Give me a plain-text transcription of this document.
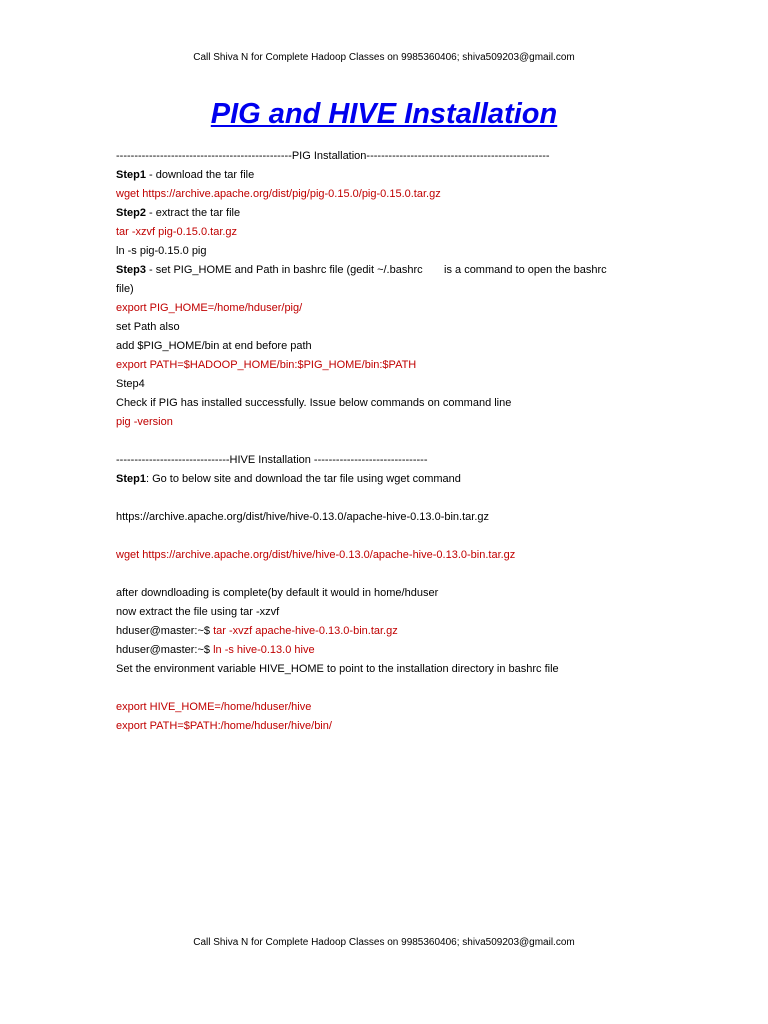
Call Shiva N for Complete Hadoop Classes on 9985360406; shiva509203@gmail.com
PIG and HIVE Installation
------------------------------------------------PIG Installation--------------------------------------------------
Step1 - download the tar file
wget https://archive.apache.org/dist/pig/pig-0.15.0/pig-0.15.0.tar.gz
Step2 - extract the tar file
tar -xzvf pig-0.15.0.tar.gz
ln -s pig-0.15.0 pig
Step3 - set PIG_HOME and Path in bashrc file (gedit ~/.bashrc       is a command to open the bashrc
file)
export PIG_HOME=/home/hduser/pig/
set Path also
add $PIG_HOME/bin at end before path
export PATH=$HADOOP_HOME/bin:$PIG_HOME/bin:$PATH
Step4
Check if PIG has installed successfully. Issue below commands on command line
pig -version
-------------------------------HIVE Installation -------------------------------
Step1: Go to below site and download the tar file using wget command
https://archive.apache.org/dist/hive/hive-0.13.0/apache-hive-0.13.0-bin.tar.gz
wget https://archive.apache.org/dist/hive/hive-0.13.0/apache-hive-0.13.0-bin.tar.gz
after downdloading is complete(by default it would in home/hduser
now extract the file using tar -xzvf
hduser@master:~$ tar -xvzf apache-hive-0.13.0-bin.tar.gz
hduser@master:~$ ln -s hive-0.13.0 hive
Set the environment variable HIVE_HOME to point to the installation directory in bashrc file
export HIVE_HOME=/home/hduser/hive
export PATH=$PATH:/home/hduser/hive/bin/
Call Shiva N for Complete Hadoop Classes on 9985360406; shiva509203@gmail.com
